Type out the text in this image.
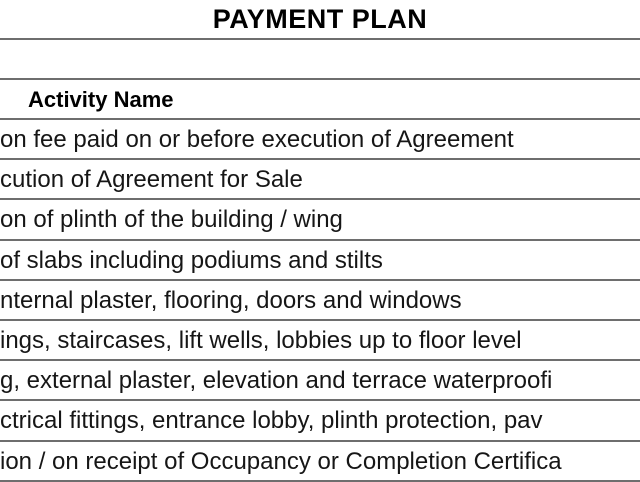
PAYMENT PLAN
Activity Name
on fee paid on or before execution of Agreement
cution of Agreement for Sale
on of plinth of the building / wing
of slabs including podiums and stilts
nternal plaster, flooring, doors and windows
ings, staircases, lift wells, lobbies up to floor level
g, external plaster, elevation and terrace waterproofi
ctrical fittings, entrance lobby, plinth protection, pav
ion / on receipt of Occupancy or Completion Certifica
